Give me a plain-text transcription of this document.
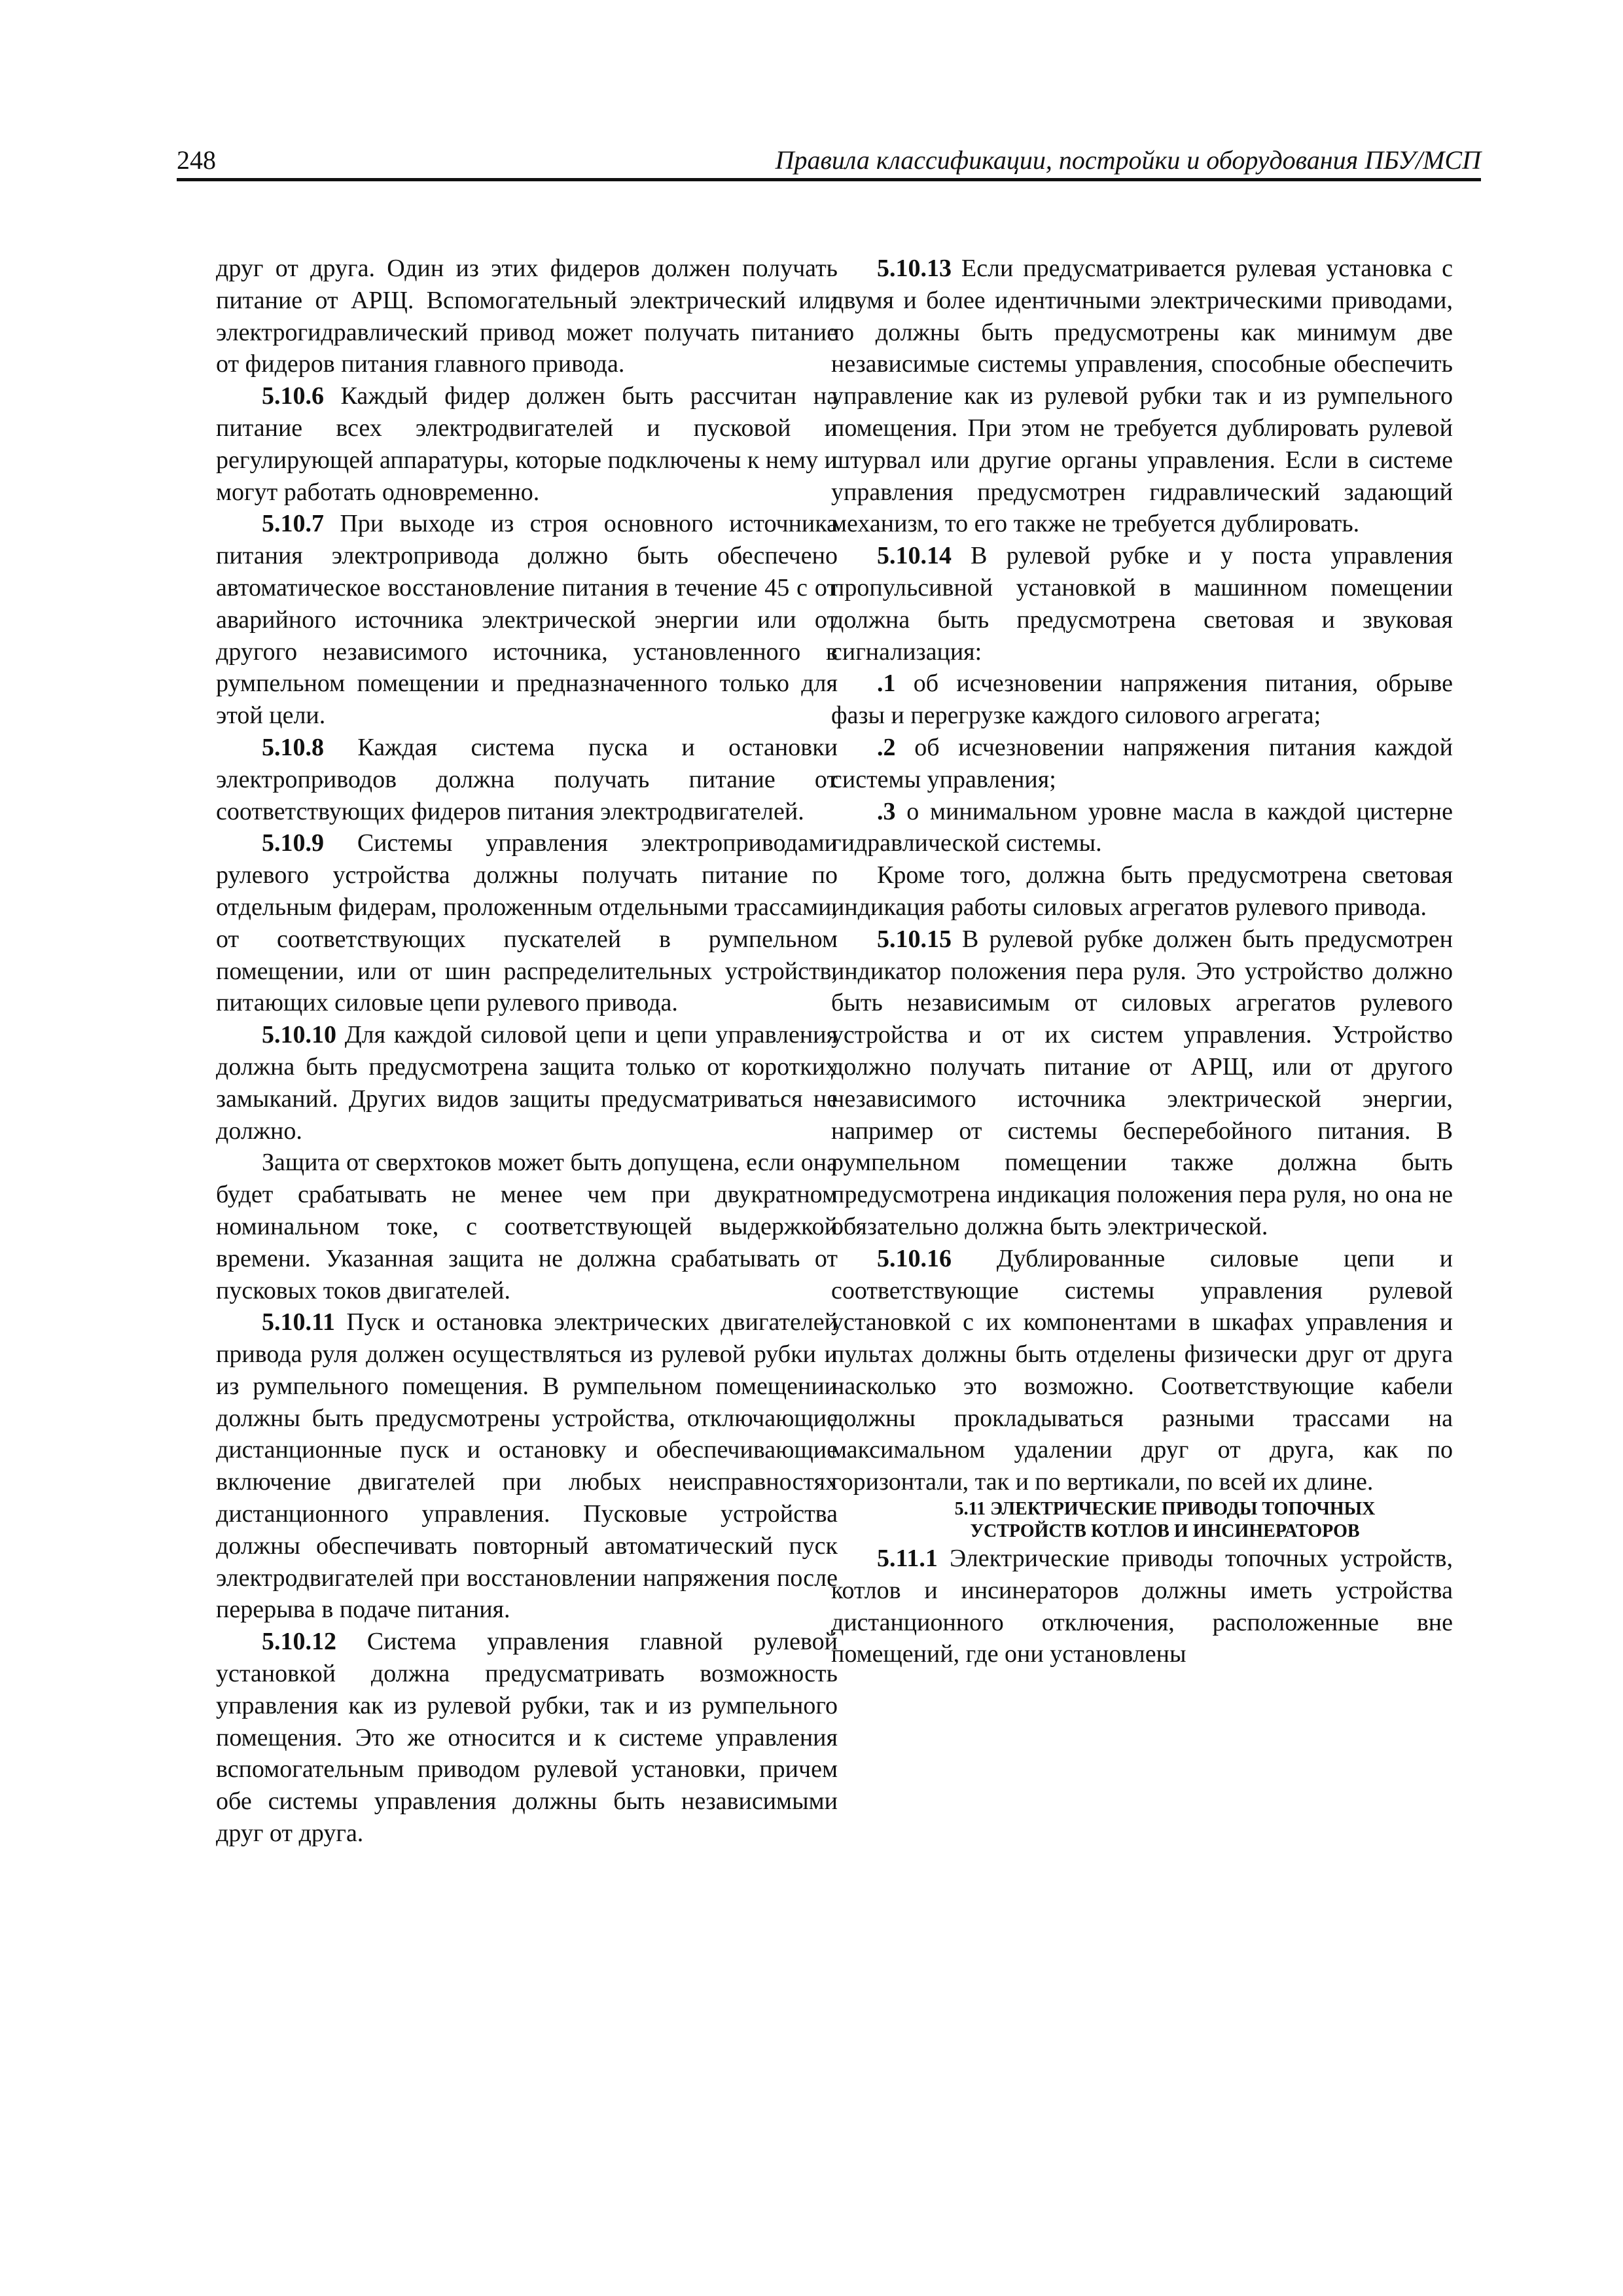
248	Правила классификации, постройки и оборудования ПБУ/МСП

друг от друга. Один из этих фидеров должен получать питание от АРЩ. Вспомогательный электрический или электрогидравлический привод может получать питание от фидеров питания главного привода.

5.10.6 Каждый фидер должен быть рассчитан на питание всех электродвигателей и пусковой и регулирующей аппаратуры, которые подключены к нему и могут работать одновременно.

5.10.7 При выходе из строя основного источника питания электропривода должно быть обеспечено автоматическое восстановление питания в течение 45 с от аварийного источника электрической энергии или от другого независимого источника, установленного в румпельном помещении и предназначенного только для этой цели.

5.10.8 Каждая система пуска и остановки электроприводов должна получать питание от соответствующих фидеров питания электродвигателей.

5.10.9 Системы управления электроприводами рулевого устройства должны получать питание по отдельным фидерам, проложенным отдельными трассами, от соответствующих пускателей в румпельном помещении, или от шин распределительных устройств, питающих силовые цепи рулевого привода.

5.10.10 Для каждой силовой цепи и цепи управления должна быть предусмотрена защита только от коротких замыканий. Других видов защиты предусматриваться не должно.

Защита от сверхтоков может быть допущена, если она будет срабатывать не менее чем при двукратном номинальном токе, с соответствующей выдержкой времени. Указанная защита не должна срабатывать от пусковых токов двигателей.

5.10.11 Пуск и остановка электрических двигателей привода руля должен осуществляться из рулевой рубки и из румпельного помещения. В румпельном помещении должны быть предусмотрены устройства, отключающие дистанционные пуск и остановку и обеспечивающие включение двигателей при любых неисправностях дистанционного управления. Пусковые устройства должны обеспечивать повторный автоматический пуск электродвигателей при восстановлении напряжения после перерыва в подаче питания.

5.10.12 Система управления главной рулевой установкой должна предусматривать возможность управления как из рулевой рубки, так и из румпельного помещения. Это же относится и к системе управления вспомогательным приводом рулевой установки, причем обе системы управления должны быть независимыми друг от друга.

5.10.13 Если предусматривается рулевая установка с двумя и более идентичными электрическими приводами, то должны быть предусмотрены как минимум две независимые системы управления, способные обеспечить управление как из рулевой рубки так и из румпельного помещения. При этом не требуется дублировать рулевой штурвал или другие органы управления. Если в системе управления предусмотрен гидравлический задающий механизм, то его также не требуется дублировать.

5.10.14 В рулевой рубке и у поста управления пропульсивной установкой в машинном помещении должна быть предусмотрена световая и звуковая сигнализация:

.1 об исчезновении напряжения питания, обрыве фазы и перегрузке каждого силового агрегата;

.2 об исчезновении напряжения питания каждой системы управления;

.3 о минимальном уровне масла в каждой цистерне гидравлической системы.

Кроме того, должна быть предусмотрена световая индикация работы силовых агрегатов рулевого привода.

5.10.15 В рулевой рубке должен быть предусмотрен индикатор положения пера руля. Это устройство должно быть независимым от силовых агрегатов рулевого устройства и от их систем управления. Устройство должно получать питание от АРЩ, или от другого независимого источника электрической энергии, например от системы бесперебойного питания. В румпельном помещении также должна быть предусмотрена индикация положения пера руля, но она не обязательно должна быть электрической.

5.10.16 Дублированные силовые цепи и соответствующие системы управления рулевой установкой с их компонентами в шкафах управления и пультах должны быть отделены физически друг от друга насколько это возможно. Соответствующие кабели должны прокладываться разными трассами на максимальном удалении друг от друга, как по горизонтали, так и по вертикали, по всей их длине.

5.11 ЭЛЕКТРИЧЕСКИЕ ПРИВОДЫ ТОПОЧНЫХ
УСТРОЙСТВ КОТЛОВ И ИНСИНЕРАТОРОВ

5.11.1 Электрические приводы топочных устройств, котлов и инсинераторов должны иметь устройства дистанционного отключения, расположенные вне помещений, где они установлены
